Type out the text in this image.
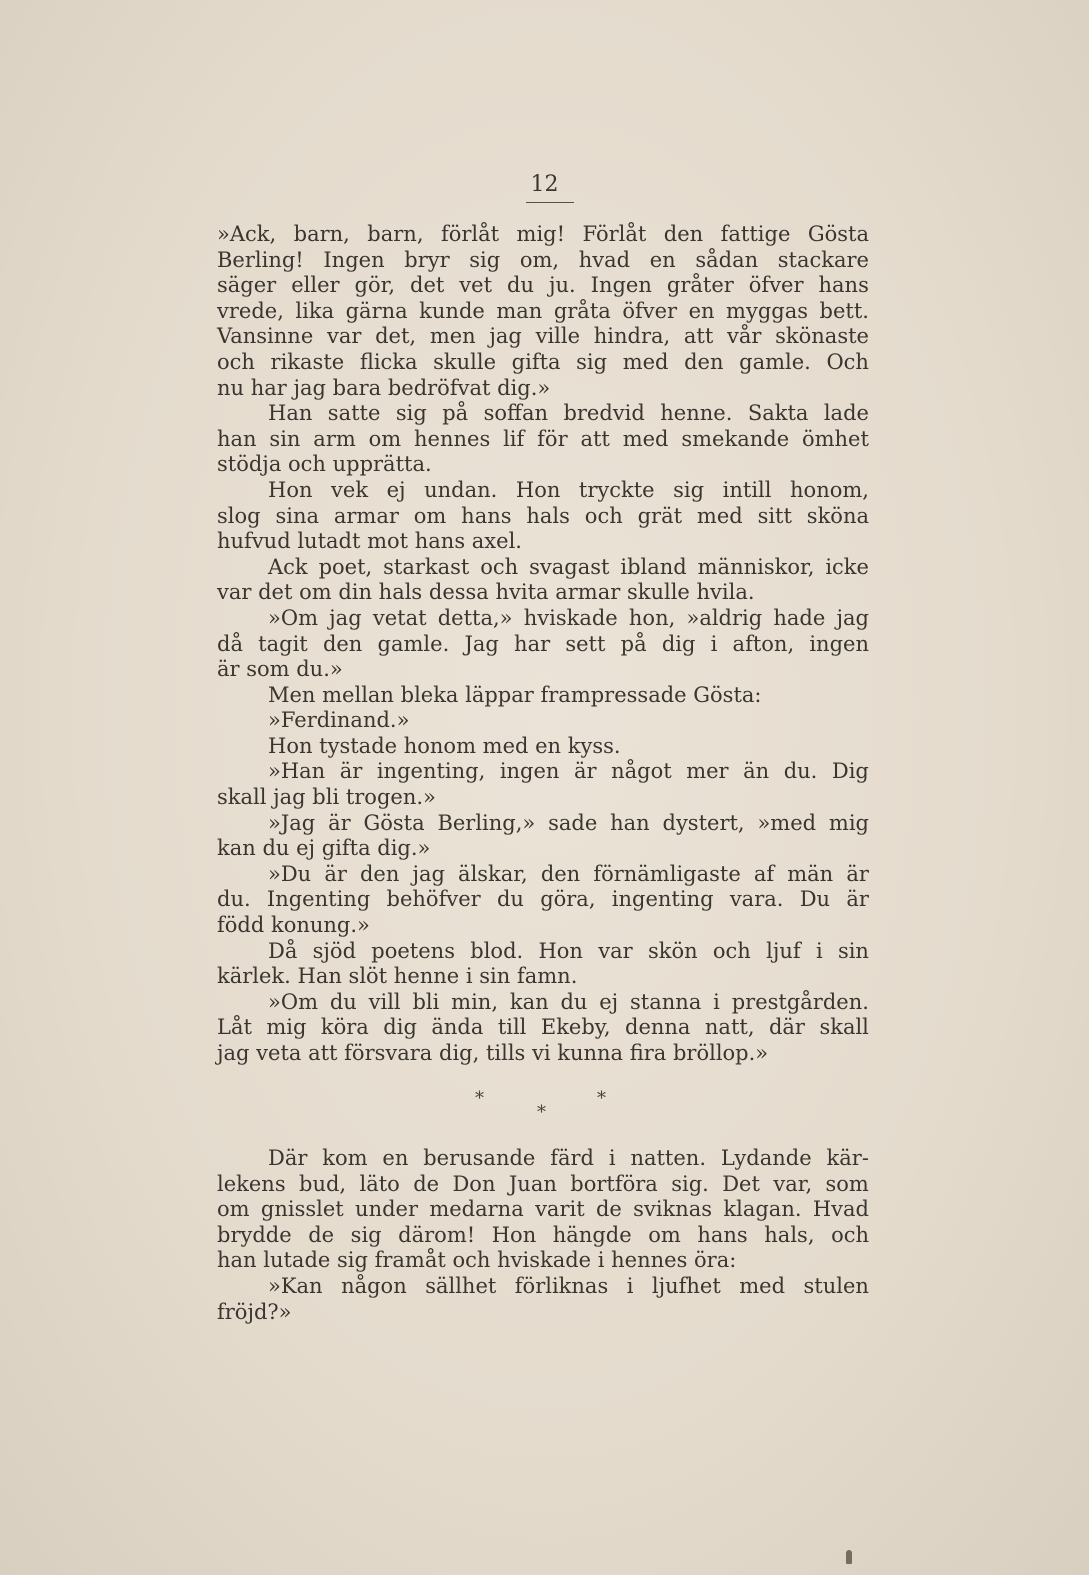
12
»Ack, barn, barn, förlåt mig! Förlåt den fattige Gösta
Berling! Ingen bryr sig om, hvad en sådan stackare
säger eller gör, det vet du ju. Ingen gråter öfver hans
vrede, lika gärna kunde man gråta öfver en myggas bett.
Vansinne var det, men jag ville hindra, att vår skönaste
och rikaste flicka skulle gifta sig med den gamle. Och
nu har jag bara bedröfvat dig.»
Han satte sig på soffan bredvid henne. Sakta lade
han sin arm om hennes lif för att med smekande ömhet
stödja och upprätta.
Hon vek ej undan. Hon tryckte sig intill honom,
slog sina armar om hans hals och grät med sitt sköna
hufvud lutadt mot hans axel.
Ack poet, starkast och svagast ibland människor, icke
var det om din hals dessa hvita armar skulle hvila.
»Om jag vetat detta,» hviskade hon, »aldrig hade jag
då tagit den gamle. Jag har sett på dig i afton, ingen
är som du.»
Men mellan bleka läppar frampressade Gösta:
»Ferdinand.»
Hon tystade honom med en kyss.
»Han är ingenting, ingen är något mer än du. Dig
skall jag bli trogen.»
»Jag är Gösta Berling,» sade han dystert, »med mig
kan du ej gifta dig.»
»Du är den jag älskar, den förnämligaste af män är
du. Ingenting behöfver du göra, ingenting vara. Du är
född konung.»
Då sjöd poetens blod. Hon var skön och ljuf i sin
kärlek. Han slöt henne i sin famn.
»Om du vill bli min, kan du ej stanna i prestgården.
Låt mig köra dig ända till Ekeby, denna natt, där skall
jag veta att försvara dig, tills vi kunna fira bröllop.»
*
*
*
Där kom en berusande färd i natten. Lydande kär-
lekens bud, läto de Don Juan bortföra sig. Det var, som
om gnisslet under medarna varit de sviknas klagan. Hvad
brydde de sig därom! Hon hängde om hans hals, och
han lutade sig framåt och hviskade i hennes öra:
»Kan någon sällhet förliknas i ljufhet med stulen
fröjd?»
